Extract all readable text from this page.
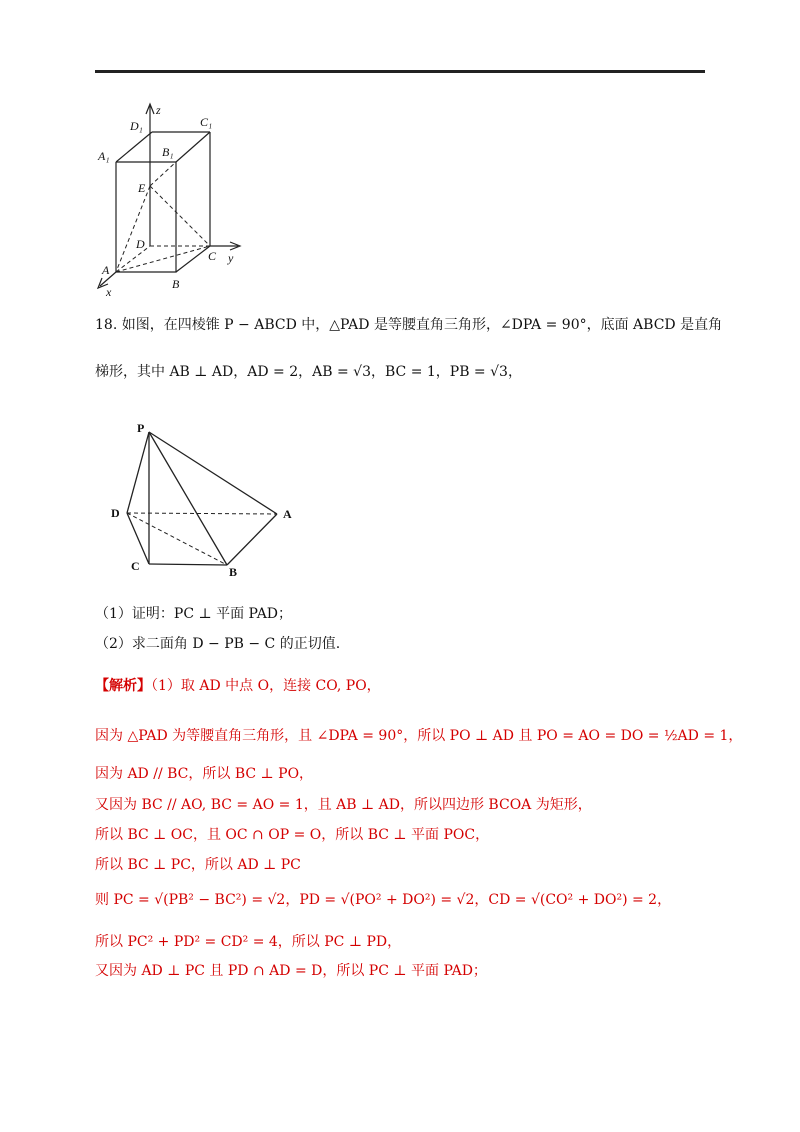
z
D₁	C₁
A₁	B₁
E
D
C y
A
x
B
18. 如图，在四棱锥 P − ABCD 中，△PAD 是等腰直角三角形，∠DPA = 90°，底面 ABCD 是直角
梯形，其中 AB ⊥ AD，AD = 2，AB = √3，BC = 1，PB = √3，
P
D	A
C	B
（1）证明：PC ⊥ 平面 PAD；
（2）求二面角 D − PB − C 的正切值.
【解析】（1）取 AD 中点 O，连接 CO, PO，
因为 △PAD 为等腰直角三角形，且 ∠DPA = 90°，所以 PO ⊥ AD 且 PO = AO = DO = ½AD = 1，
因为 AD // BC，所以 BC ⊥ PO，
又因为 BC // AO, BC = AO = 1，且 AB ⊥ AD，所以四边形 BCOA 为矩形，
所以 BC ⊥ OC，且 OC ∩ OP = O，所以 BC ⊥ 平面 POC，
所以 BC ⊥ PC，所以 AD ⊥ PC
则 PC = √(PB² − BC²) = √2，PD = √(PO² + DO²) = √2，CD = √(CO² + DO²) = 2，
所以 PC² + PD² = CD² = 4，所以 PC ⊥ PD，
又因为 AD ⊥ PC 且 PD ∩ AD = D，所以 PC ⊥ 平面 PAD；
